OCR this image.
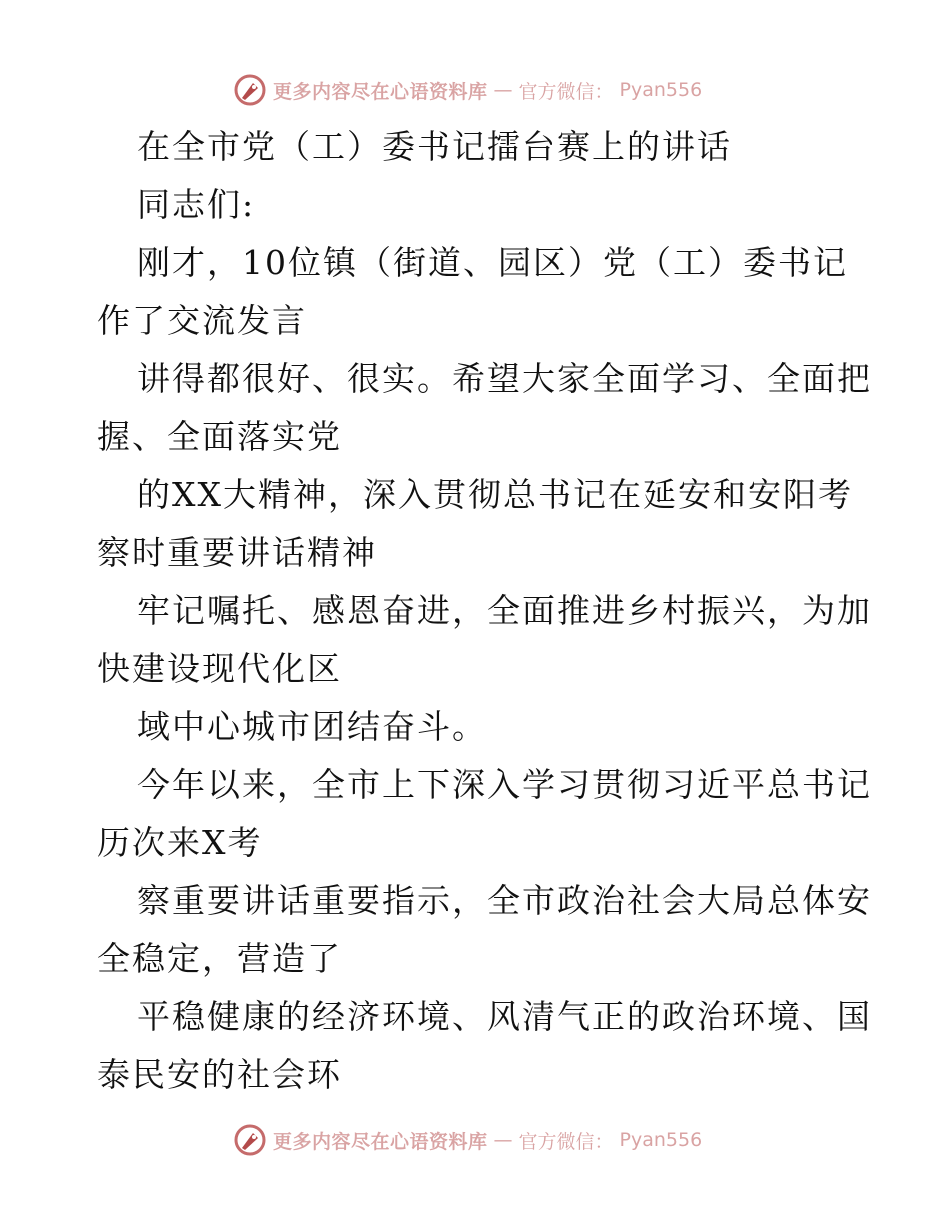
更多内容尽在心语资料库 — 官方微信： Pyan556
在全市党（工）委书记擂台赛上的讲话
同志们:
刚才，10位镇（街道、园区）党（工）委书记
作了交流发言
讲得都很好、很实。希望大家全面学习、全面把
握、全面落实党
的XX大精神，深入贯彻总书记在延安和安阳考
察时重要讲话精神
牢记嘱托、感恩奋进，全面推进乡村振兴，为加
快建设现代化区
域中心城市团结奋斗。
今年以来，全市上下深入学习贯彻习近平总书记
历次来X考
察重要讲话重要指示，全市政治社会大局总体安
全稳定，营造了
平稳健康的经济环境、风清气正的政治环境、国
泰民安的社会环
更多内容尽在心语资料库 — 官方微信： Pyan556
